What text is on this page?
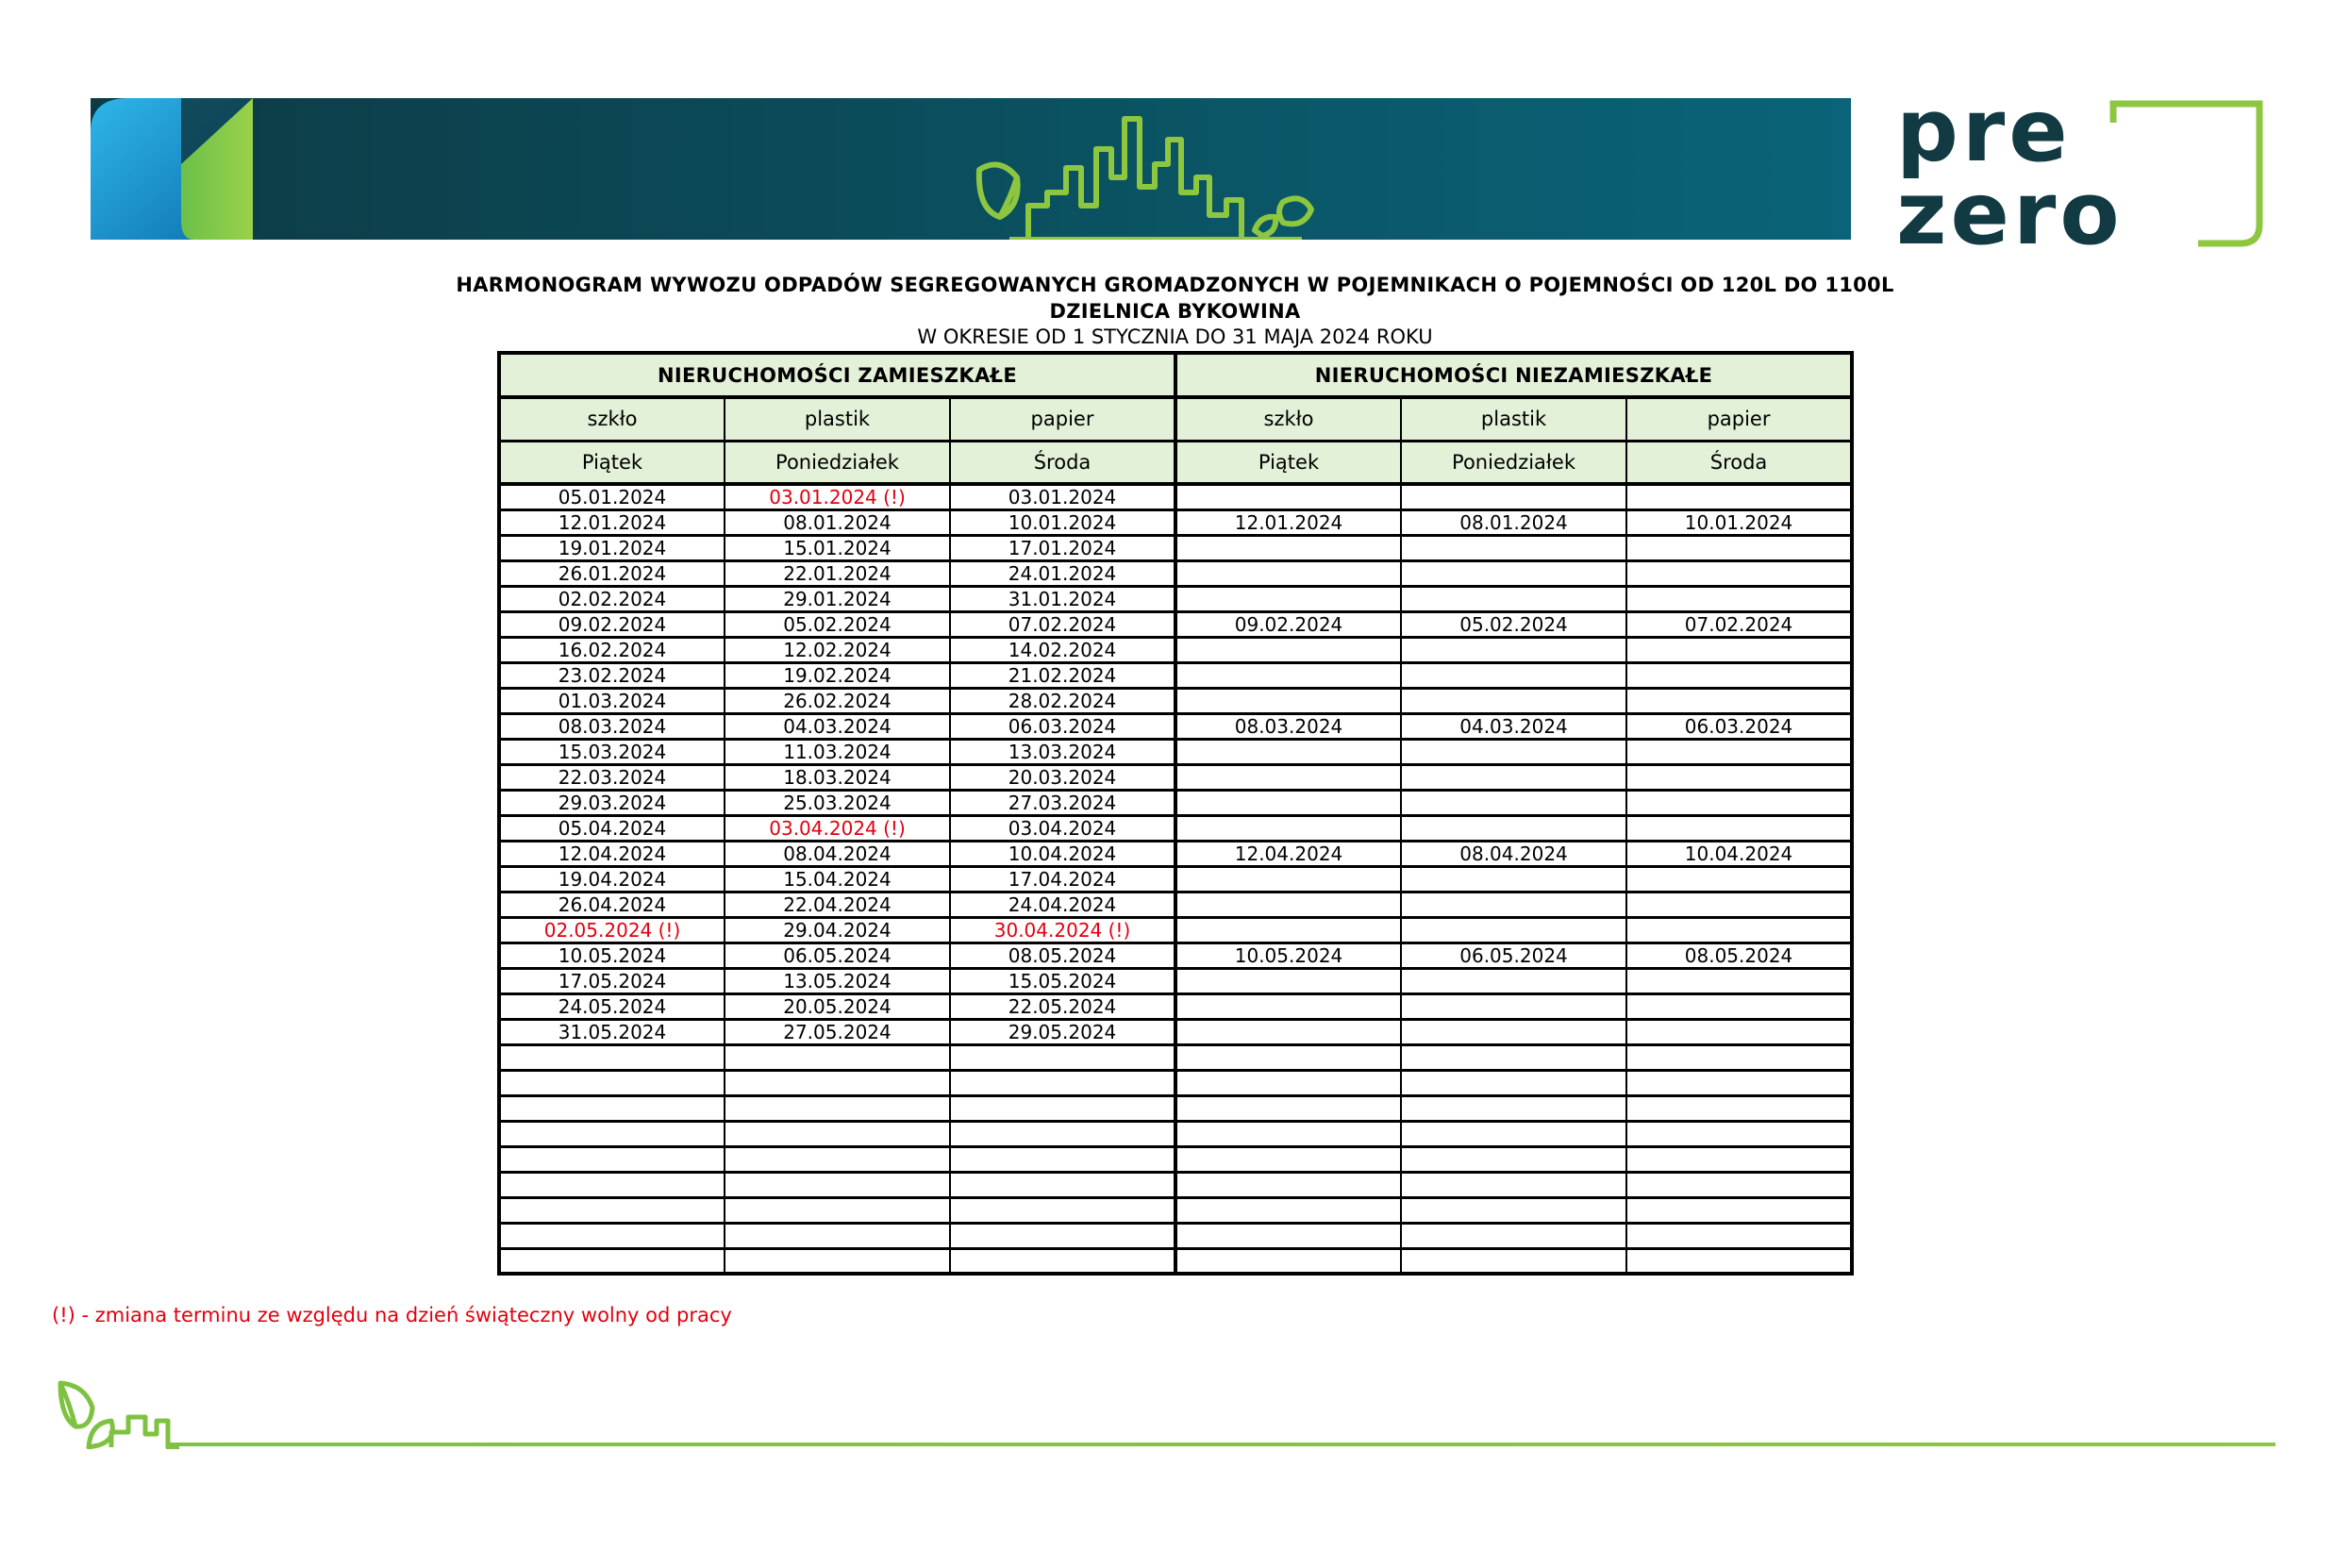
pre
zero
HARMONOGRAM WYWOZU ODPADÓW SEGREGOWANYCH GROMADZONYCH W POJEMNIKACH O POJEMNOŚCI OD 120L DO 1100L
DZIELNICA BYKOWINA
W OKRESIE OD 1 STYCZNIA DO 31 MAJA 2024 ROKU
NIERUCHOMOŚCI ZAMIESZKAŁE			NIERUCHOMOŚCI NIEZAMIESZKAŁE		
szkło	plastik	papier	szkło	plastik	papier
Piątek	Poniedziałek	Środa	Piątek	Poniedziałek	Środa
05.01.2024	03.01.2024 (!)	03.01.2024			
12.01.2024	08.01.2024	10.01.2024	12.01.2024	08.01.2024	10.01.2024
19.01.2024	15.01.2024	17.01.2024			
26.01.2024	22.01.2024	24.01.2024			
02.02.2024	29.01.2024	31.01.2024			
09.02.2024	05.02.2024	07.02.2024	09.02.2024	05.02.2024	07.02.2024
16.02.2024	12.02.2024	14.02.2024			
23.02.2024	19.02.2024	21.02.2024			
01.03.2024	26.02.2024	28.02.2024			
08.03.2024	04.03.2024	06.03.2024	08.03.2024	04.03.2024	06.03.2024
15.03.2024	11.03.2024	13.03.2024			
22.03.2024	18.03.2024	20.03.2024			
29.03.2024	25.03.2024	27.03.2024			
05.04.2024	03.04.2024 (!)	03.04.2024			
12.04.2024	08.04.2024	10.04.2024	12.04.2024	08.04.2024	10.04.2024
19.04.2024	15.04.2024	17.04.2024			
26.04.2024	22.04.2024	24.04.2024			
02.05.2024 (!)	29.04.2024	30.04.2024 (!)			
10.05.2024	06.05.2024	08.05.2024	10.05.2024	06.05.2024	08.05.2024
17.05.2024	13.05.2024	15.05.2024			
24.05.2024	20.05.2024	22.05.2024			
31.05.2024	27.05.2024	29.05.2024			

(!) - zmiana terminu ze względu na dzień świąteczny wolny od pracy
